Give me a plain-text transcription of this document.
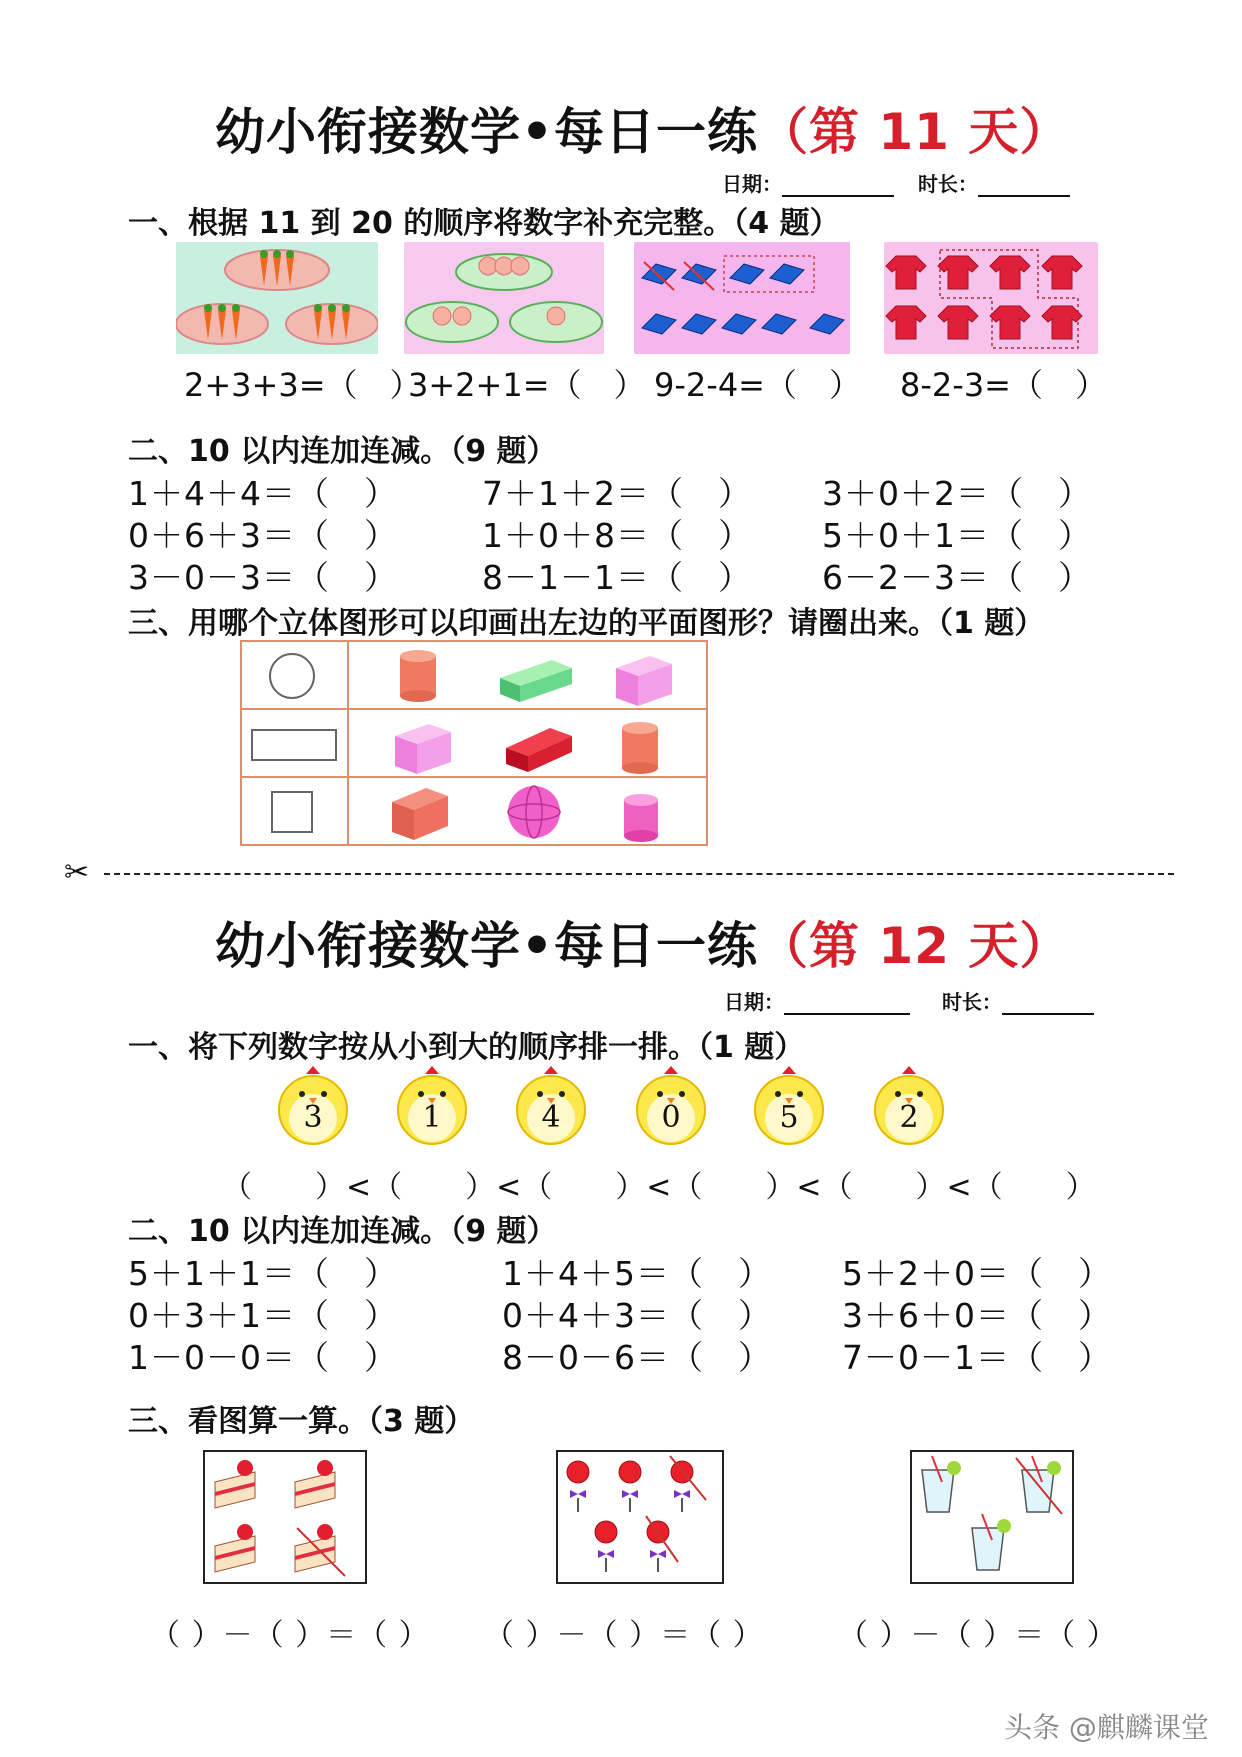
幼小衔接数学•每日一练（第 11 天）
日期：	时长：
一、根据 11 到 20 的顺序将数字补充完整。（4 题）
2+3+3=（　）
3+2+1=（　） 9-2-4=（　） 8-2-3=（　）
二、10 以内连加连减。（9 题）
1＋4＋4＝（　）	7＋1＋2＝（　） 3＋0＋2＝（　）
0＋6＋3＝（　）	1＋0＋8＝（　） 5＋0＋1＝（　）
3－0－3＝（　）	8－1－1＝（　） 6－2－3＝（　）
三、用哪个立体图形可以印画出左边的平面图形？请圈出来。（1 题）
✂
幼小衔接数学•每日一练（第 12 天）
日期：	时长：
一、将下列数字按从小到大的顺序排一排。（1 题）
3	1	4	0	5	2
（　　）<（　　）<（　　）<（　　）<（　　）<（　　）
二、10 以内连加连减。（9 题）
5＋1＋1＝（　）	1＋4＋5＝（　） 5＋2＋0＝（　）
0＋3＋1＝（　）	0＋4＋3＝（　） 3＋6＋0＝（　）
1－0－0＝（　）	8－0－6＝（　） 7－0－1＝（　）
三、看图算一算。（3 题）
（ ）－（ ）＝（ ） （ ）－（ ）＝（ ） （ ）－（ ）＝（ ）
头条 @麒麟课堂
